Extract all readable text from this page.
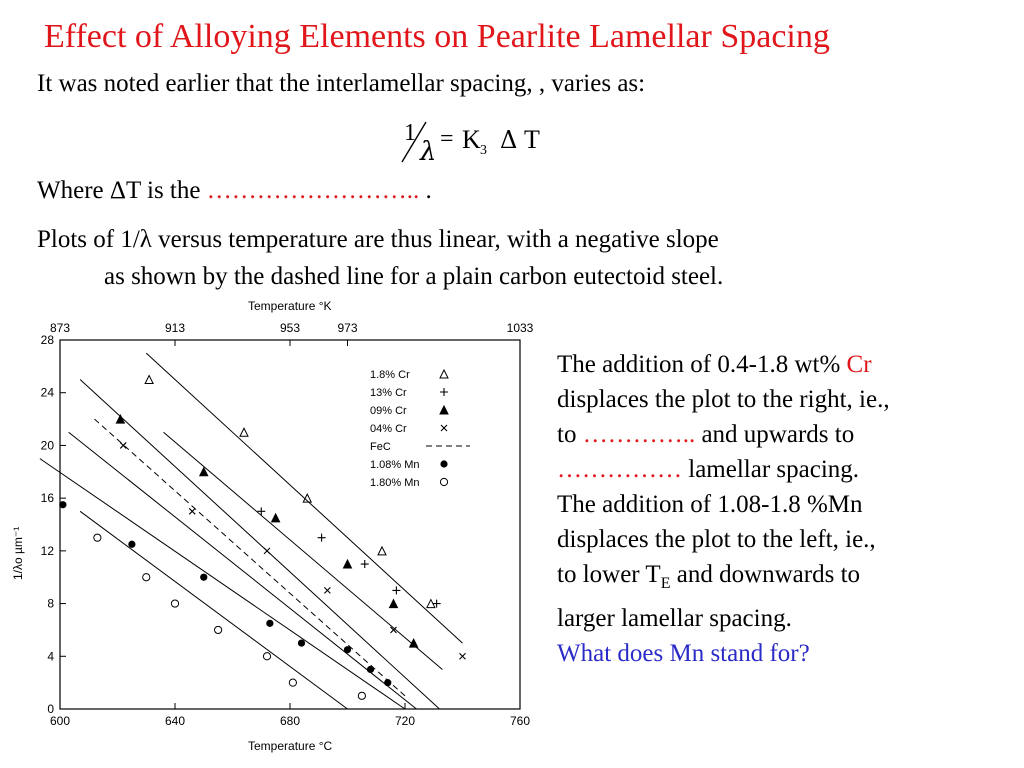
Effect of Alloying Elements on Pearlite Lamellar Spacing
It was noted earlier that the interlamellar spacing, , varies as:
1
λ = K 3 Δ T
Where ΔT is the …………………….. .
Plots of 1/λ versus temperature are thus linear, with a negative slope
as shown by the dashed line for a plain carbon eutectoid steel.
Temperature °K
Temperature °C
1/λo µm⁻¹
600	640	680	720	760
873	913	953	973	1033
0
4
8
12
16
20
24
28
1.8% Cr
13% Cr
09% Cr
04% Cr
FeC
1.08% Mn
1.80% Mn
The addition of 0.4-1.8 wt% Cr
displaces the plot to the right, ie.,
to ………….. and upwards to
…………… lamellar spacing.
The addition of 1.08-1.8 %Mn
displaces the plot to the left, ie.,
to lower $T_E$ and downwards to
larger lamellar spacing.
What does Mn stand for?
